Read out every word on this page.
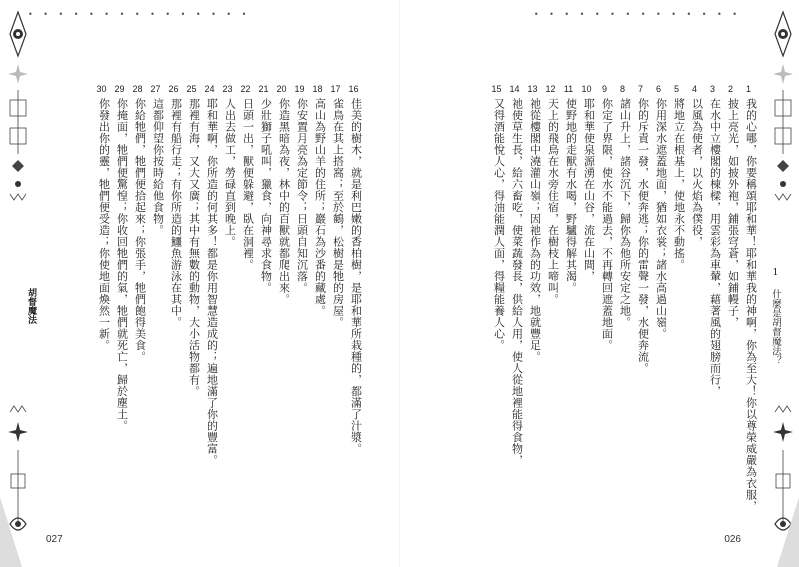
• • • • • • • • • • • • • • •	• • • • • • • • • • • • • •
1 什麼是胡督魔法？
胡督魔法
1
我的心哪，你要稱頌耶和華！耶和華我的神啊，你為至大！你以尊榮威嚴為衣服，
2
披上亮光，如披外袍，鋪張穹蒼，如鋪幔子，
3
在水中立樓閣的棟樑，用雲彩為車輦，藉著風的翅膀而行，
4
以風為使者，以火焰為僕役，
5
將地立在根基上，使地永不動搖。
6
你用深水遮蓋地面，猶如衣裳；諸水高過山嶺。
7
你的斥責一發，水便奔逃；你的雷聲一發，水便奔流。
8
諸山升上，諸谷沉下，歸你為他所安定之地。
9
你定了界限，使水不能過去，不再轉回遮蓋地面。
10
耶和華使泉源湧在山谷，流在山間，
11
使野地的走獸有水喝，野驢得解其渴。
12
天上的飛鳥在水旁住宿，在樹枝上啼叫。
13
祂從樓閣中澆灌山嶺；因祂作為的功效，地就豐足。
14
祂使草生長，給六畜吃，使菜蔬發長，供給人用，使人從地裡能得食物，
15
又得酒能悅人心，得油能潤人面，得糧能養人心。
16
佳美的樹木，就是利巴嫩的香柏樹，是耶和華所栽種的，都滿了汁漿。
17
雀鳥在其上搭窩；至於鶴，松樹是牠的房屋。
18
高山為野山羊的住所；巖石為沙番的藏處。
19
你安置月亮為定節令；日頭自知沉落。
20
你造黑暗為夜，林中的百獸就都爬出來。
21
少壯獅子吼叫，獵食，向神尋求食物。
22
日頭一出，獸便躲避，臥在洞裡。
23
人出去做工，勞碌直到晚上。
24
耶和華啊，你所造的何其多！都是你用智慧造成的；遍地滿了你的豐富。
25
那裡有海，又大又廣；其中有無數的動物，大小活物都有。
26
那裡有船行走；有你所造的鱷魚游泳在其中。
27
這都仰望你按時給他食物。
28
你給牠們，牠們便拾起來；你張手，牠們飽得美食。
29
你掩面，牠們便驚惶；你收回牠們的氣，牠們就死亡，歸於塵土。
30
你發出你的靈，牠們便受造；你使地面煥然一新。
027	026
